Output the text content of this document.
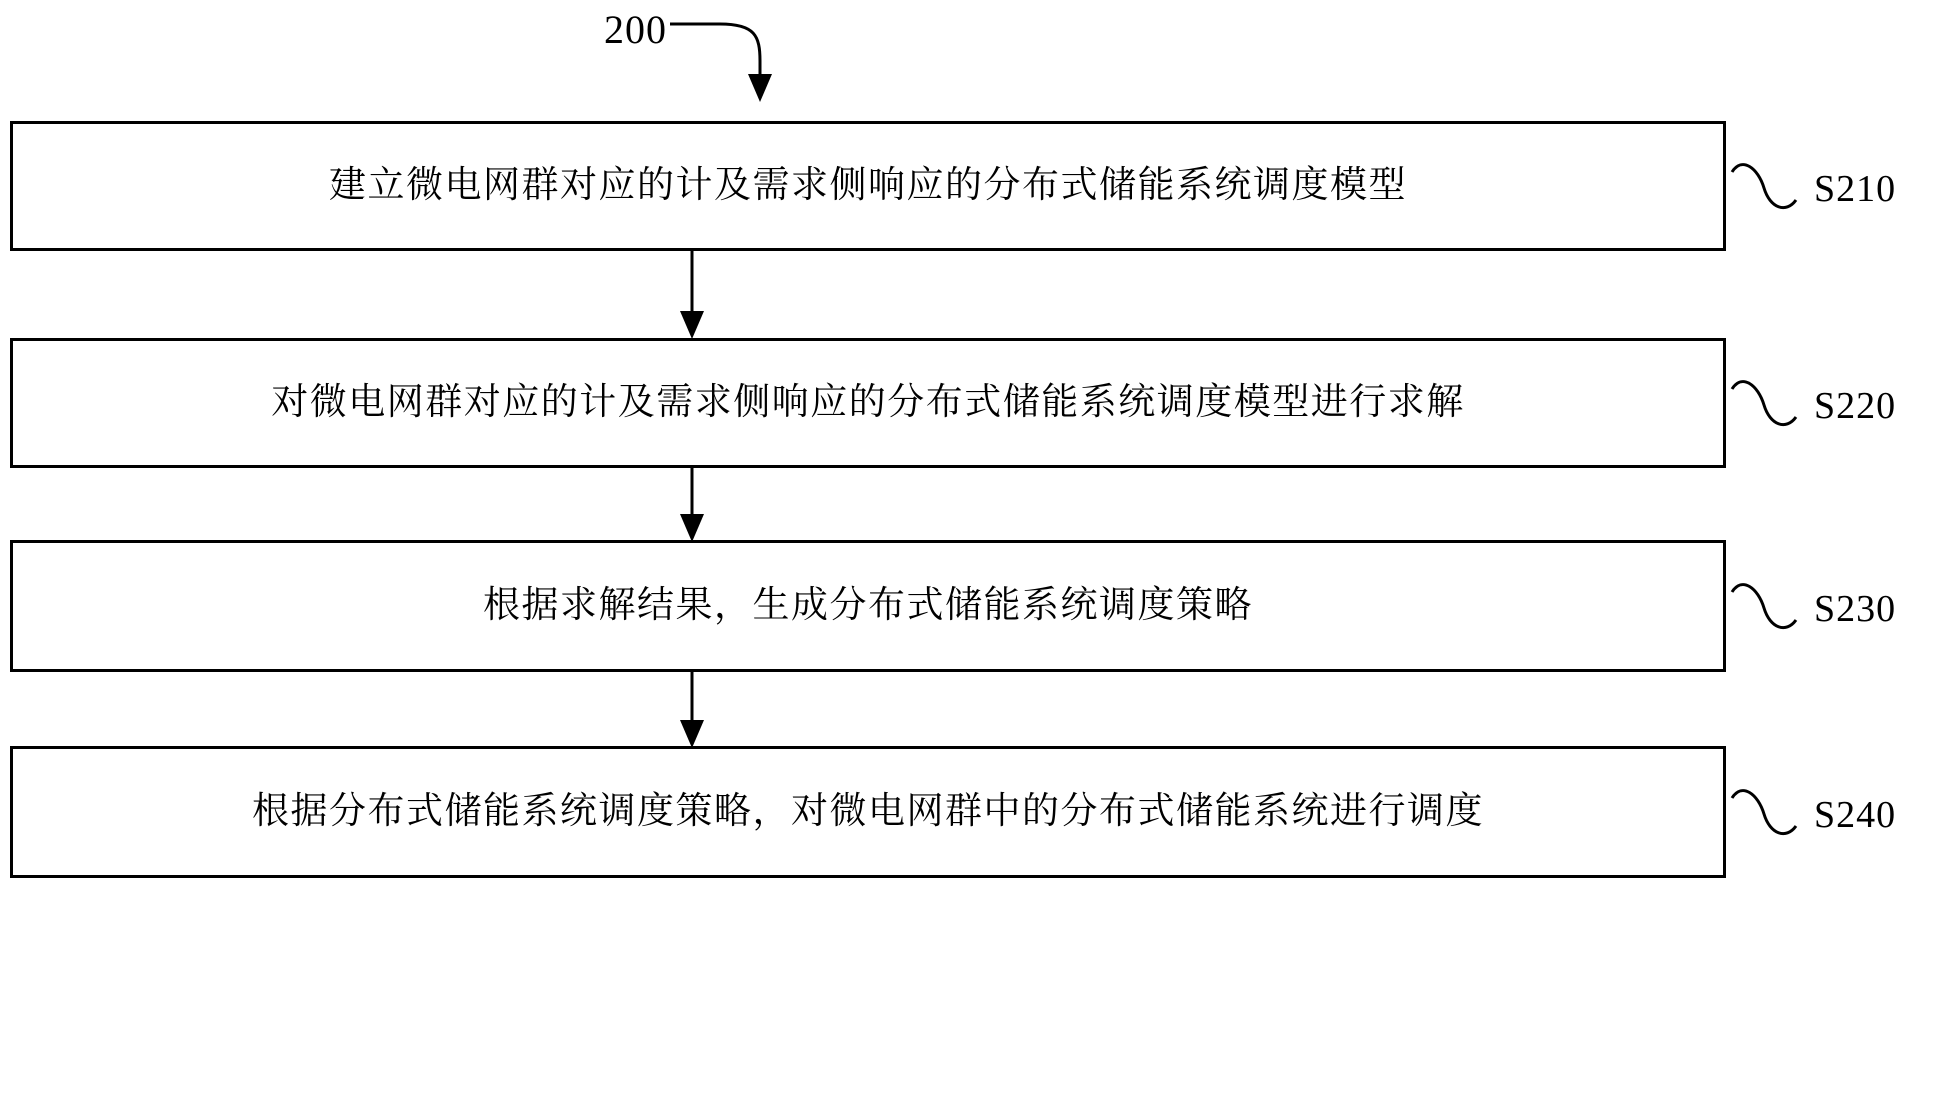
200
建立微电网群对应的计及需求侧响应的分布式储能系统调度模型	S210
对微电网群对应的计及需求侧响应的分布式储能系统调度模型进行求解	S220
根据求解结果，生成分布式储能系统调度策略	S230
根据分布式储能系统调度策略，对微电网群中的分布式储能系统进行调度	S240
